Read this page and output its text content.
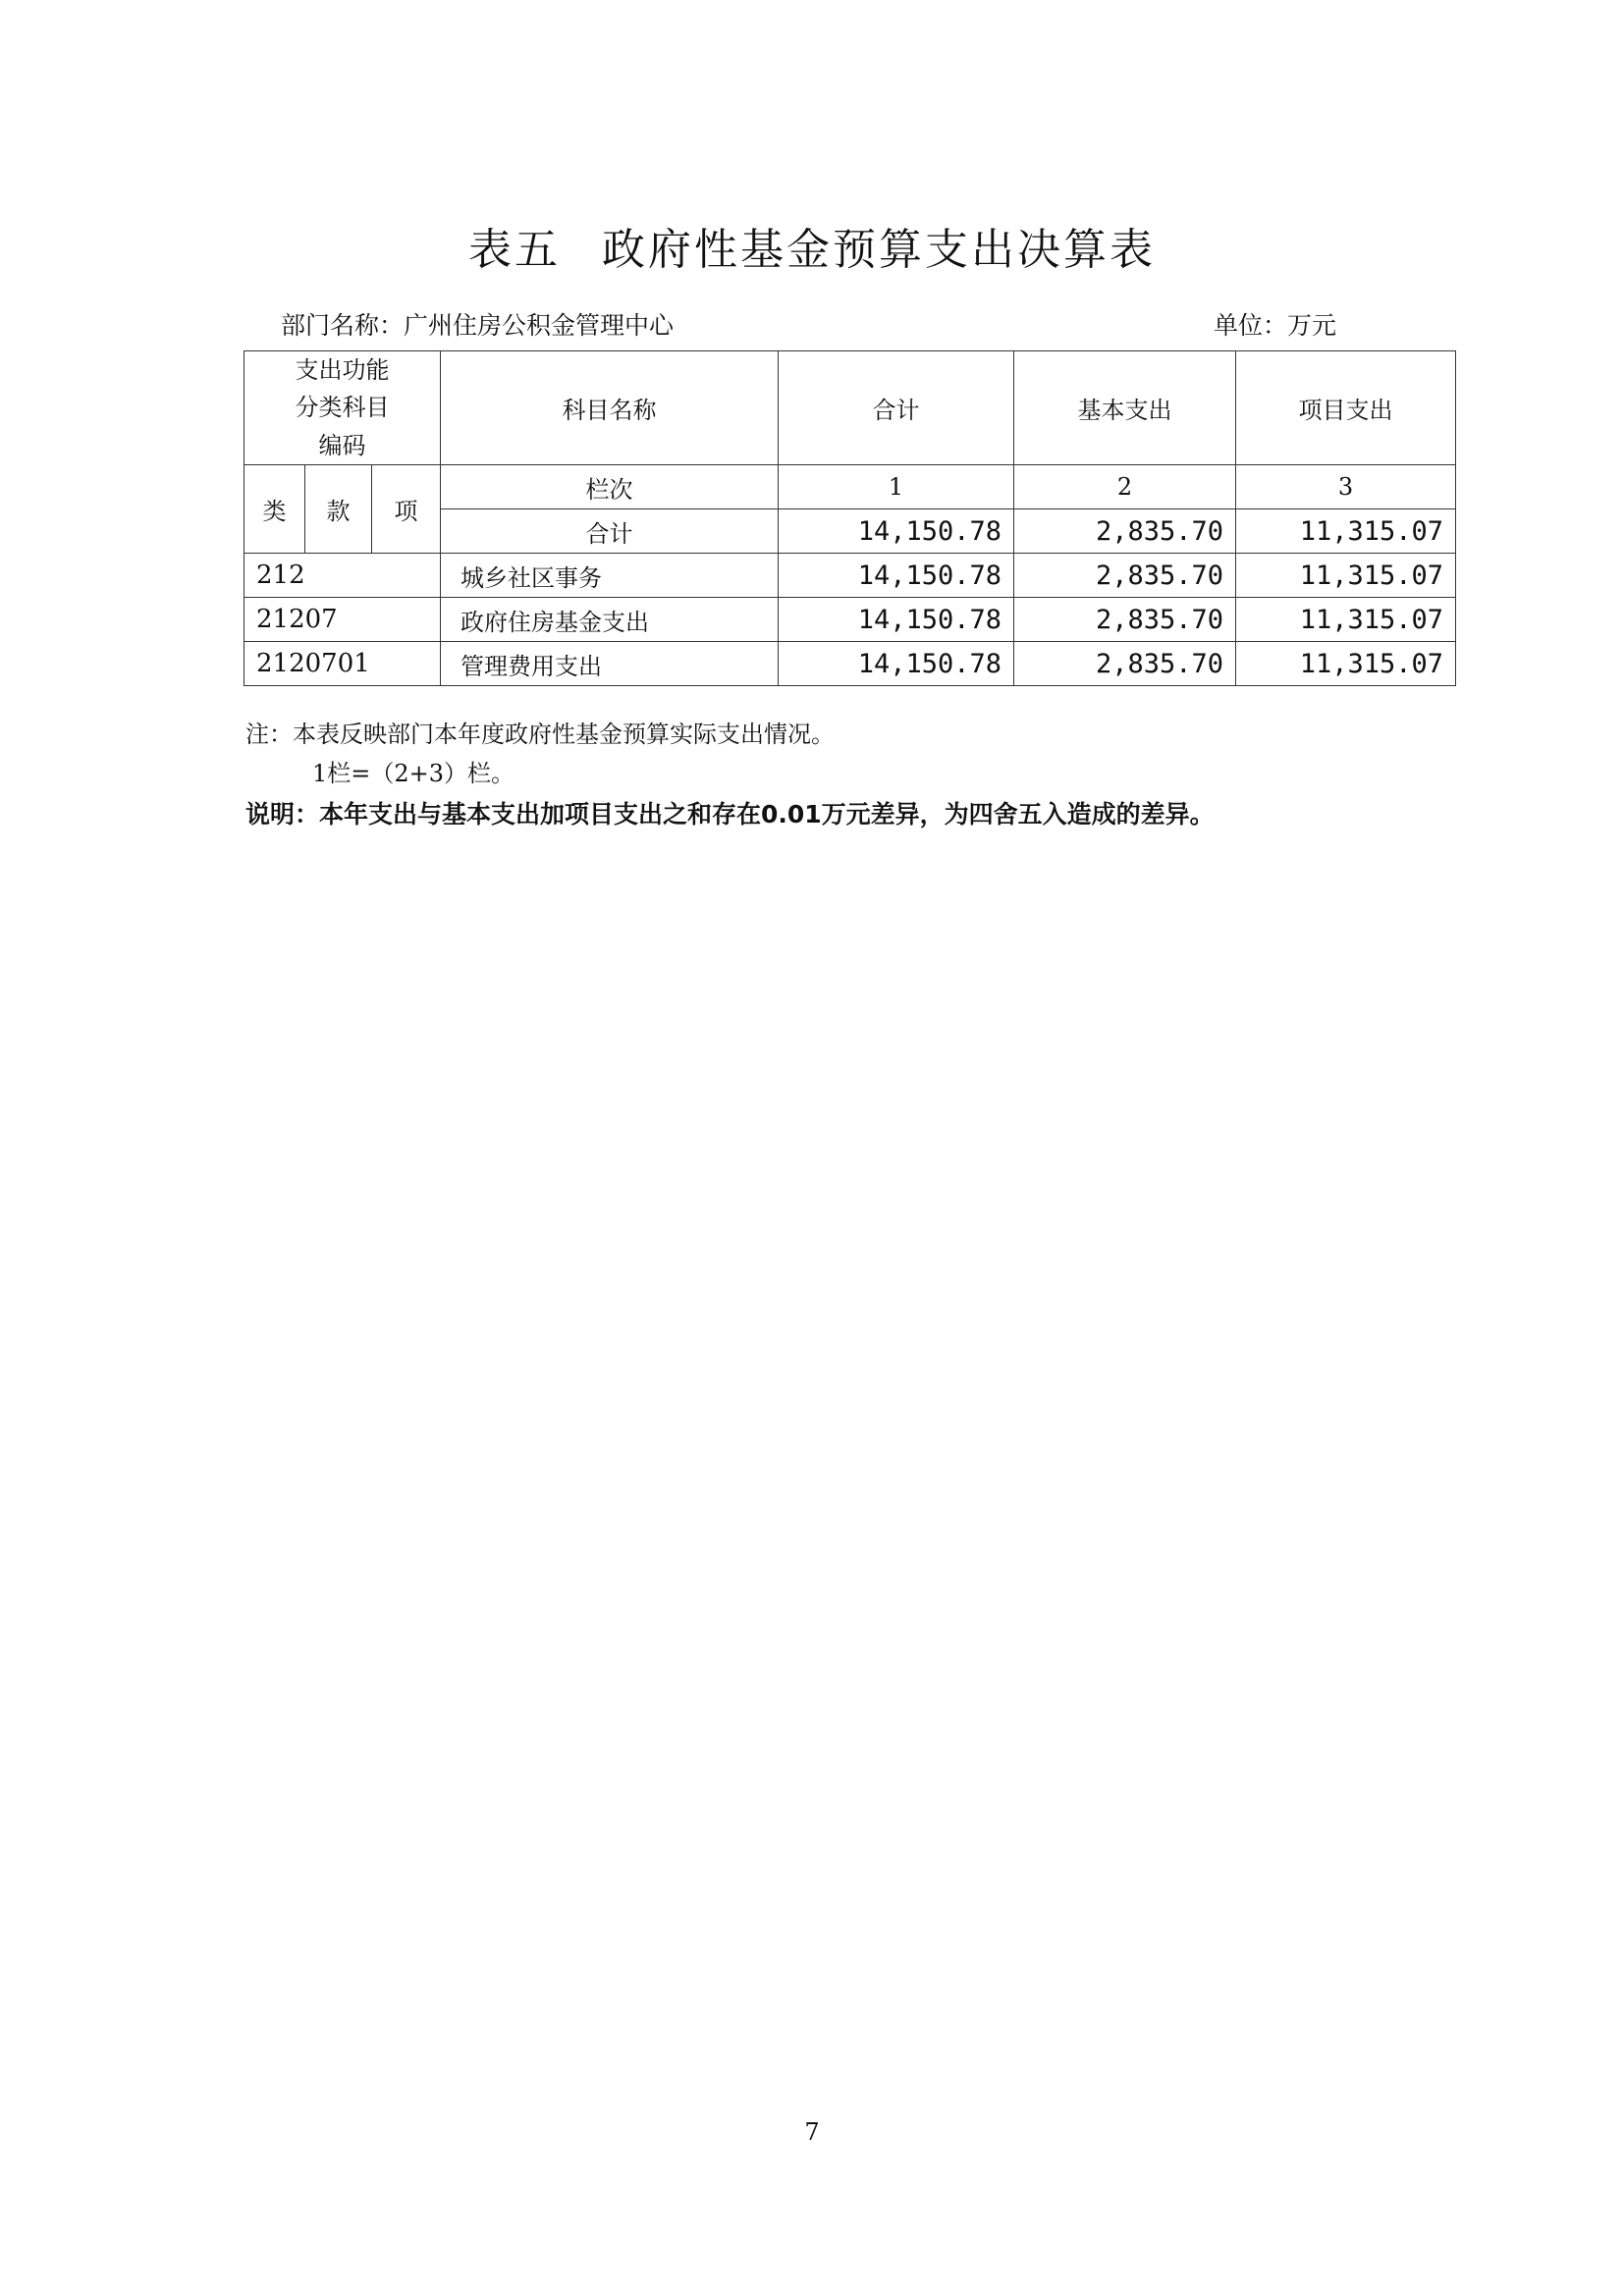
表五 政府性基金预算支出决算表
部门名称：广州住房公积金管理中心	单位：万元
支出功能分类科目编码			科目名称	合计	基本支出	项目支出
类	款	项	栏次	1	2	3
			合计	14,150.78	2,835.70	11,315.07
212			城乡社区事务	14,150.78	2,835.70	11,315.07
21207			政府住房基金支出	14,150.78	2,835.70	11,315.07
2120701			管理费用支出	14,150.78	2,835.70	11,315.07
注：本表反映部门本年度政府性基金预算实际支出情况。
1栏=（2+3）栏。
说明：本年支出与基本支出加项目支出之和存在0.01万元差异，为四舍五入造成的差异。
7
